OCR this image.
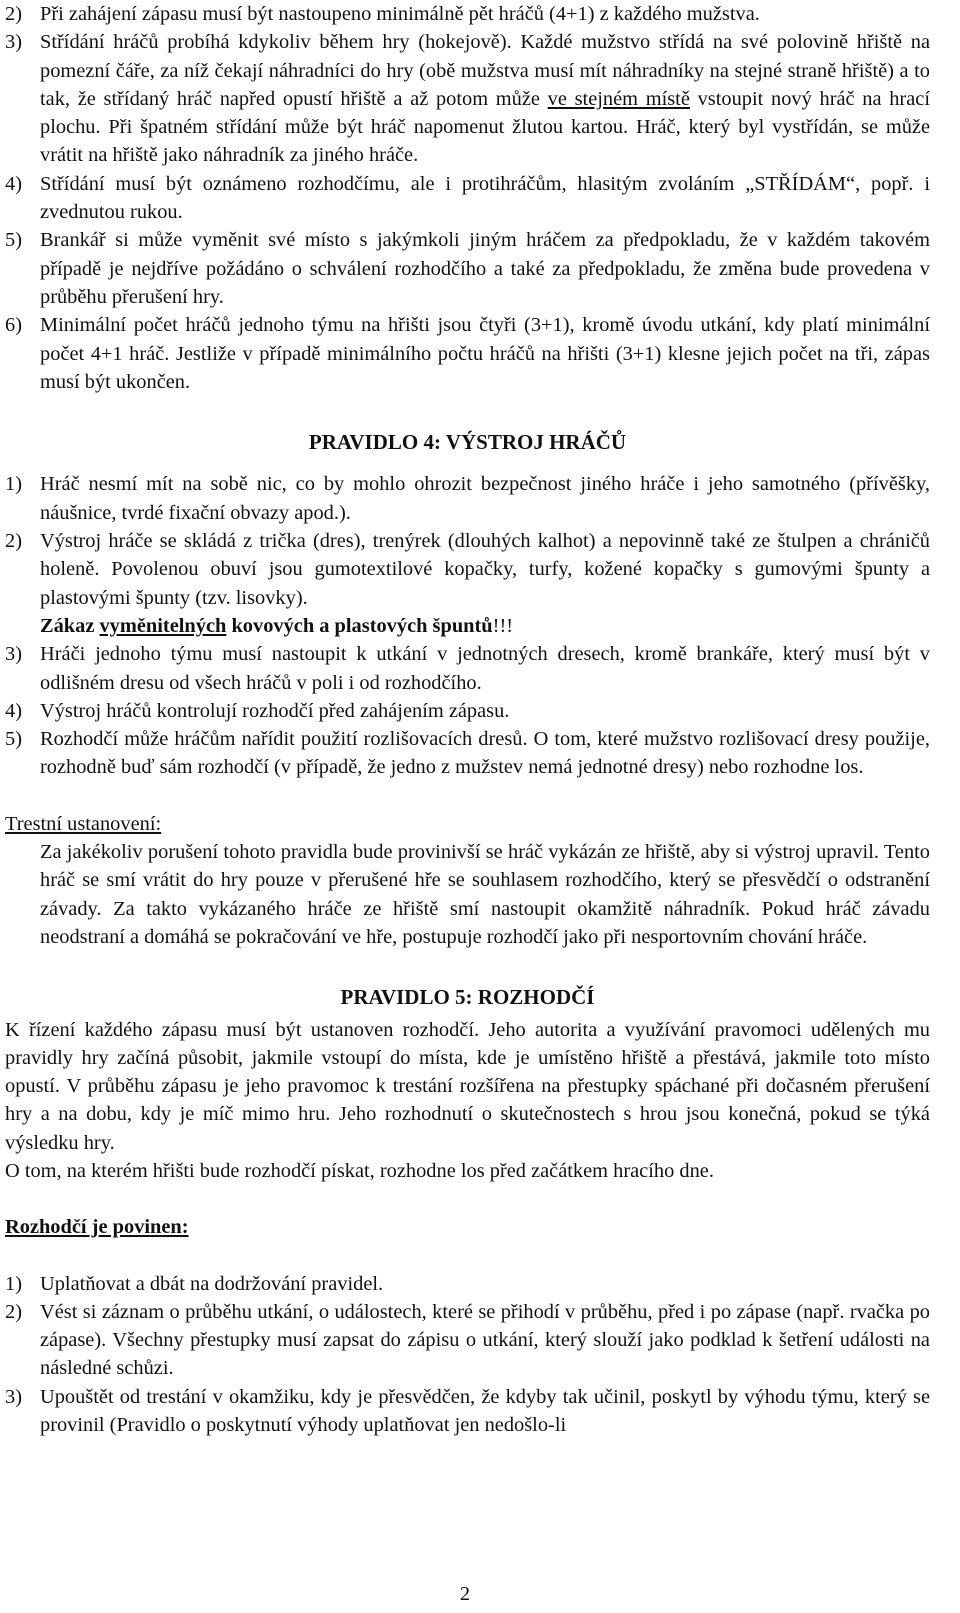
2) Při zahájení zápasu musí být nastoupeno minimálně pět hráčů (4+1) z každého mužstva.
3) Střídání hráčů probíhá kdykoliv během hry (hokejově). Každé mužstvo střídá na své polovině hřiště na pomezní čáře, za níž čekají náhradníci do hry (obě mužstva musí mít náhradníky na stejné straně hřiště) a to tak, že střídaný hráč napřed opustí hřiště a až potom může ve stejném místě vstoupit nový hráč na hrací plochu. Při špatném střídání může být hráč napomenut žlutou kartou. Hráč, který byl vystřídán, se může vrátit na hřiště jako náhradník za jiného hráče.
4) Střídání musí být oznámeno rozhodčímu, ale i protihráčům, hlasitým zvoláním „STŘÍDÁM“, popř. i zvednutou rukou.
5) Brankář si může vyměnit své místo s jakýmkoli jiným hráčem za předpokladu, že v každém takovém případě je nejdříve požádáno o schválení rozhodčího a také za předpokladu, že změna bude provedena v průběhu přerušení hry.
6) Minimální počet hráčů jednoho týmu na hřišti jsou čtyři (3+1), kromě úvodu utkání, kdy platí minimální počet 4+1 hráč. Jestliže v případě minimálního počtu hráčů na hřišti (3+1) klesne jejich počet na tři, zápas musí být ukončen.
PRAVIDLO 4: VÝSTROJ HRÁČŮ
1) Hráč nesmí mít na sobě nic, co by mohlo ohrozit bezpečnost jiného hráče i jeho samotného (přívěšky, náušnice, tvrdé fixační obvazy apod.).
2) Výstroj hráče se skládá z trička (dres), trenýrek (dlouhých kalhot) a nepovinně také ze štulpen a chráničů holeně. Povolenou obuví jsou gumotextilové kopačky, turfy, kožené kopačky s gumovými špunty a plastovými špunty (tzv. lisovky).
Zákaz vyměnitelných kovových a plastových špuntů!!!
3) Hráči jednoho týmu musí nastoupit k utkání v jednotných dresech, kromě brankáře, který musí být v odlišném dresu od všech hráčů v poli i od rozhodčího.
4) Výstroj hráčů kontrolují rozhodčí před zahájením zápasu.
5) Rozhodčí může hráčům nařídit použití rozlišovacích dresů. O tom, které mužstvo rozlišovací dresy použije, rozhodně buď sám rozhodčí (v případě, že jedno z mužstev nemá jednotné dresy) nebo rozhodne los.
Trestní ustanovení:
Za jakékoliv porušení tohoto pravidla bude provinivší se hráč vykázán ze hřiště, aby si výstroj upravil. Tento hráč se smí vrátit do hry pouze v přerušené hře se souhlasem rozhodčího, který se přesvědčí o odstranění závady. Za takto vykázaného hráče ze hřiště smí nastoupit okamžitě náhradník. Pokud hráč závadu neodstraní a domáhá se pokračování ve hře, postupuje rozhodčí jako při nesportovním chování hráče.
PRAVIDLO 5: ROZHODČÍ
K řízení každého zápasu musí být ustanoven rozhodčí. Jeho autorita a využívání pravomoci udělených mu pravidly hry začíná působit, jakmile vstoupí do místa, kde je umístěno hřiště a přestává, jakmile toto místo opustí. V průběhu zápasu je jeho pravomoc k trestání rozšířena na přestupky spáchané při dočasném přerušení hry a na dobu, kdy je míč mimo hru. Jeho rozhodnutí o skutečnostech s hrou jsou konečná, pokud se týká výsledku hry.
O tom, na kterém hřišti bude rozhodčí pískat, rozhodne los před začátkem hracího dne.
Rozhodčí je povinen:
1) Uplatňovat a dbát na dodržování pravidel.
2) Vést si záznam o průběhu utkání, o událostech, které se přihodí v průběhu, před i po zápase (např. rvačka po zápase). Všechny přestupky musí zapsat do zápisu o utkání, který slouží jako podklad k šetření události na následné schůzi.
3) Upouštět od trestání v okamžiku, kdy je přesvědčen, že kdyby tak učinil, poskytl by výhodu týmu, který se provinil (Pravidlo o poskytnutí výhody uplatňovat jen nedošlo-li
2
